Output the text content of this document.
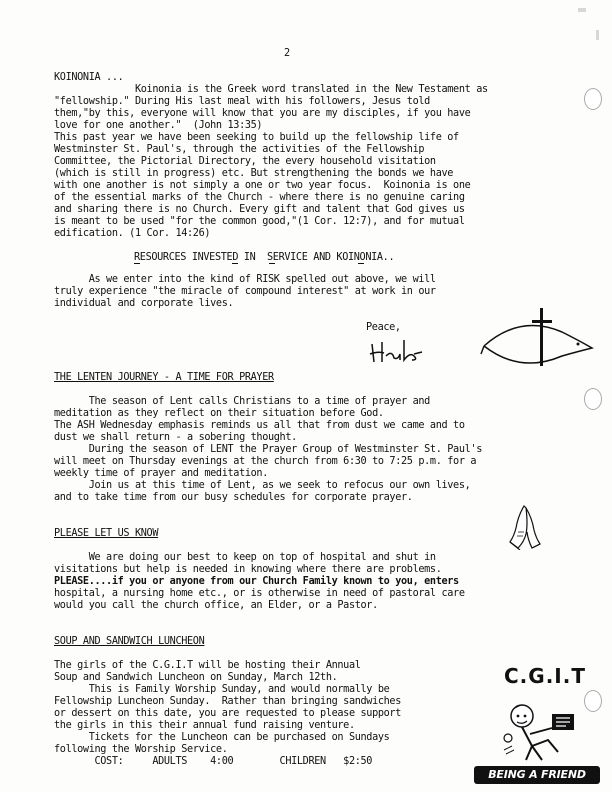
2
KOINONIA ...
Koinonia is the Greek word translated in the New Testament as
"fellowship." During His last meal with his followers, Jesus told
them,"by this, everyone will know that you are my disciples, if you have
love for one another."  (John 13:35)
This past year we have been seeking to build up the fellowship life of
Westminster St. Paul's, through the activities of the Fellowship
Committee, the Pictorial Directory, the every household visitation
(which is still in progress) etc. But strengthening the bonds we have
with one another is not simply a one or two year focus.  Koinonia is one
of the essential marks of the Church - where there is no genuine caring
and sharing there is no Church. Every gift and talent that God gives us
is meant to be used "for the common good,"(1 Cor. 12:7), and for mutual
edification. (1 Cor. 14:26)
RESOURCES INVESTED IN  SERVICE AND KOINONIA..
As we enter into the kind of RISK spelled out above, we will
truly experience "the miracle of compound interest" at work in our
individual and corporate lives.
Peace,
THE LENTEN JOURNEY - A TIME FOR PRAYER
The season of Lent calls Christians to a time of prayer and
meditation as they reflect on their situation before God.
The ASH Wednesday emphasis reminds us all that from dust we came and to
dust we shall return - a sobering thought.
During the season of LENT the Prayer Group of Westminster St. Paul's
will meet on Thursday evenings at the church from 6:30 to 7:25 p.m. for a
weekly time of prayer and meditation.
Join us at this time of Lent, as we seek to refocus our own lives,
and to take time from our busy schedules for corporate prayer.
PLEASE LET US KNOW
We are doing our best to keep on top of hospital and shut in
visitations but help is needed in knowing where there are problems.
PLEASE....if you or anyone from our Church Family known to you, enters
hospital, a nursing home etc., or is otherwise in need of pastoral care
would you call the church office, an Elder, or a Pastor.
SOUP AND SANDWICH LUNCHEON
The girls of the C.G.I.T will be hosting their Annual
Soup and Sandwich Luncheon on Sunday, March 12th.
This is Family Worship Sunday, and would normally be
Fellowship Luncheon Sunday.  Rather than bringing sandwiches
or dessert on this date, you are requested to please support
the girls in this their annual fund raising venture.
Tickets for the Luncheon can be purchased on Sundays
following the Worship Service.
COST:     ADULTS    4:00        CHILDREN   $2:50
C.G.I.T
BEING A FRIEND
